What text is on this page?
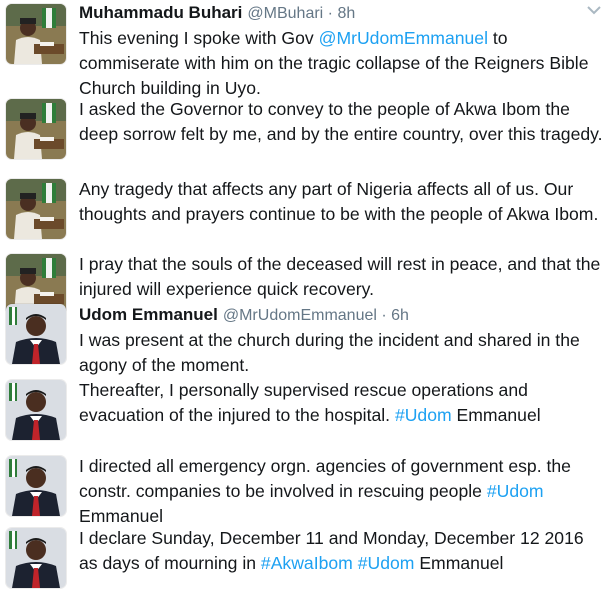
Muhammadu Buhari @MBuhari · 8h
This evening I spoke with Gov @MrUdomEmmanuel to commiserate with him on the tragic collapse of the Reigners Bible Church building in Uyo.
I asked the Governor to convey to the people of Akwa Ibom the deep sorrow felt by me, and by the entire country, over this tragedy.
Any tragedy that affects any part of Nigeria affects all of us. Our thoughts and prayers continue to be with the people of Akwa Ibom.
I pray that the souls of the deceased will rest in peace, and that the injured will experience quick recovery.
Udom Emmanuel @MrUdomEmmanuel · 6h
I was present at the church during the incident and shared in the agony of the moment.
Thereafter, I personally supervised rescue operations and evacuation of the injured to the hospital. #Udom Emmanuel
I directed all emergency orgn. agencies of government esp. the constr. companies to be involved in rescuing people #Udom Emmanuel
I declare Sunday, December 11 and Monday, December 12 2016 as days of mourning in #AkwaIbom #Udom Emmanuel
